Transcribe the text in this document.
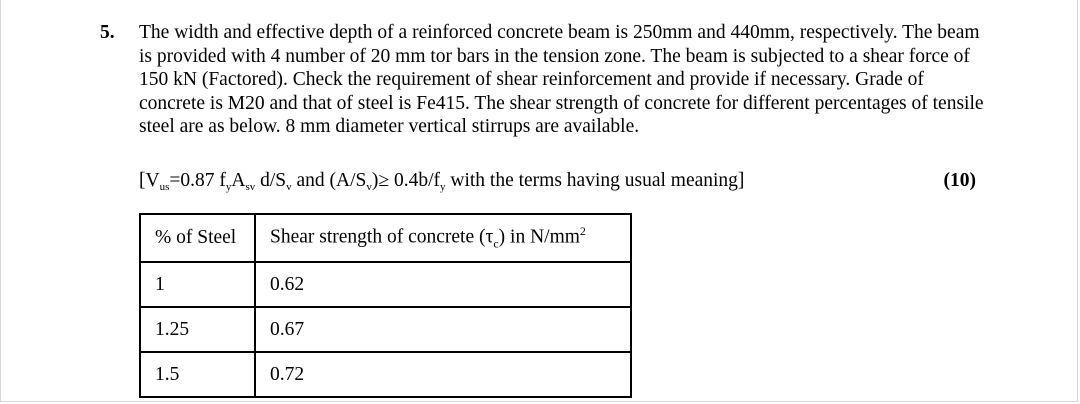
5. The width and effective depth of a reinforced concrete beam is 250mm and 440mm, respectively. The beam is provided with 4 number of 20 mm tor bars in the tension zone. The beam is subjected to a shear force of 150 kN (Factored). Check the requirement of shear reinforcement and provide if necessary. Grade of concrete is M20 and that of steel is Fe415. The shear strength of concrete for different percentages of tensile steel are as below. 8 mm diameter vertical stirrups are available.
[$V_{us}=0.87$ $f_yA_{sv}$ $d/S_v$ and $(A/S_v)\ge 0.4b/f_y$ with the terms having usual meaning]	(10)
% of Steel	Shear strength of concrete $(\tau_c)$ in $N/mm^2$
1	0.62
1.25	0.67
1.5	0.72
